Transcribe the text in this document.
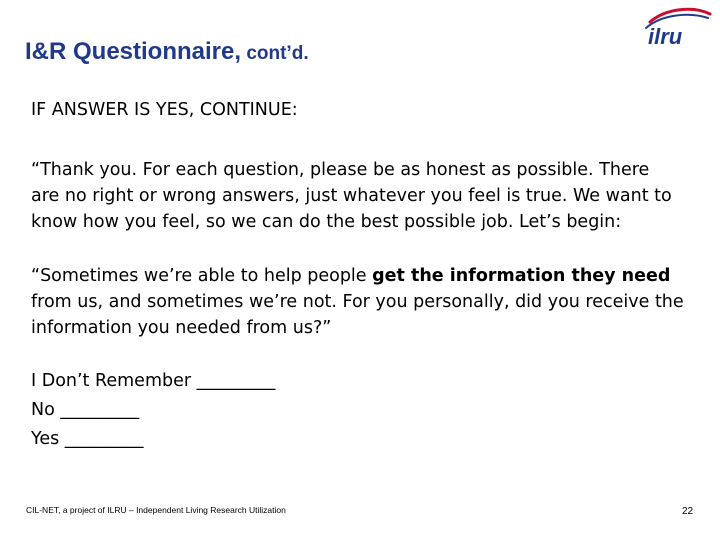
I&R Questionnaire, cont’d.
ilru
IF ANSWER IS YES, CONTINUE:
“Thank you. For each question, please be as honest as possible. There
are no right or wrong answers, just whatever you feel is true. We want to
know how you feel, so we can do the best possible job. Let’s begin:
“Sometimes we’re able to help people get the information they need
from us, and sometimes we’re not. For you personally, did you receive the
information you needed from us?”
I Don’t Remember _________
No _________
Yes _________
CIL-NET, a project of ILRU – Independent Living Research Utilization	22
